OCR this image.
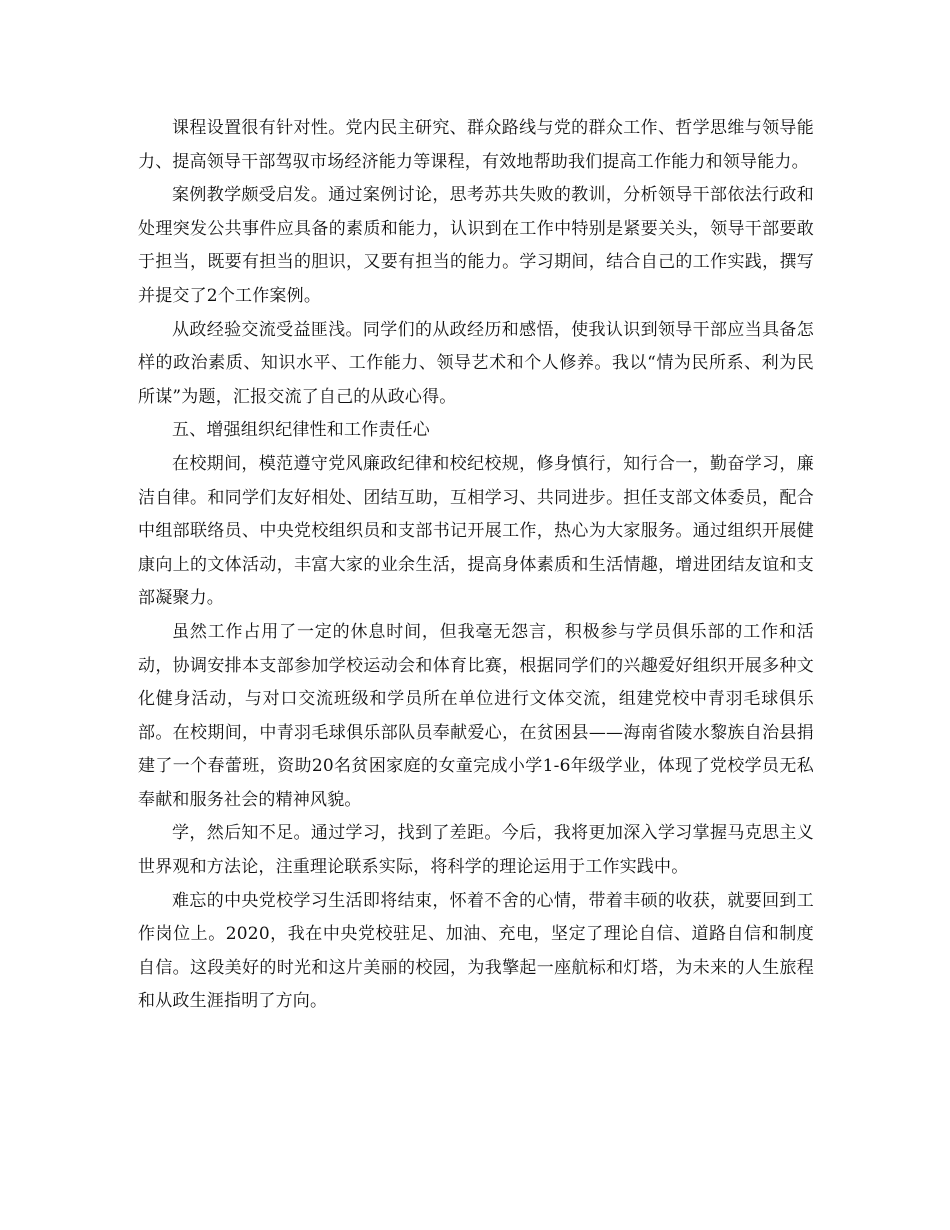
课程设置很有针对性。党内民主研究、群众路线与党的群众工作、哲学思维与领导能力、提高领导干部驾驭市场经济能力等课程，有效地帮助我们提高工作能力和领导能力。

案例教学颇受启发。通过案例讨论，思考苏共失败的教训，分析领导干部依法行政和处理突发公共事件应具备的素质和能力，认识到在工作中特别是紧要关头，领导干部要敢于担当，既要有担当的胆识，又要有担当的能力。学习期间，结合自己的工作实践，撰写并提交了2个工作案例。

从政经验交流受益匪浅。同学们的从政经历和感悟，使我认识到领导干部应当具备怎样的政治素质、知识水平、工作能力、领导艺术和个人修养。我以“情为民所系、利为民所谋”为题，汇报交流了自己的从政心得。

五、增强组织纪律性和工作责任心

在校期间，模范遵守党风廉政纪律和校纪校规，修身慎行，知行合一，勤奋学习，廉洁自律。和同学们友好相处、团结互助，互相学习、共同进步。担任支部文体委员，配合中组部联络员、中央党校组织员和支部书记开展工作，热心为大家服务。通过组织开展健康向上的文体活动，丰富大家的业余生活，提高身体素质和生活情趣，增进团结友谊和支部凝聚力。

虽然工作占用了一定的休息时间，但我毫无怨言，积极参与学员俱乐部的工作和活动，协调安排本支部参加学校运动会和体育比赛，根据同学们的兴趣爱好组织开展多种文化健身活动，与对口交流班级和学员所在单位进行文体交流，组建党校中青羽毛球俱乐部。在校期间，中青羽毛球俱乐部队员奉献爱心，在贫困县——海南省陵水黎族自治县捐建了一个春蕾班，资助20名贫困家庭的女童完成小学1-6年级学业，体现了党校学员无私奉献和服务社会的精神风貌。

学，然后知不足。通过学习，找到了差距。今后，我将更加深入学习掌握马克思主义世界观和方法论，注重理论联系实际，将科学的理论运用于工作实践中。

难忘的中央党校学习生活即将结束，怀着不舍的心情，带着丰硕的收获，就要回到工作岗位上。2020，我在中央党校驻足、加油、充电，坚定了理论自信、道路自信和制度自信。这段美好的时光和这片美丽的校园，为我擎起一座航标和灯塔，为未来的人生旅程和从政生涯指明了方向。
